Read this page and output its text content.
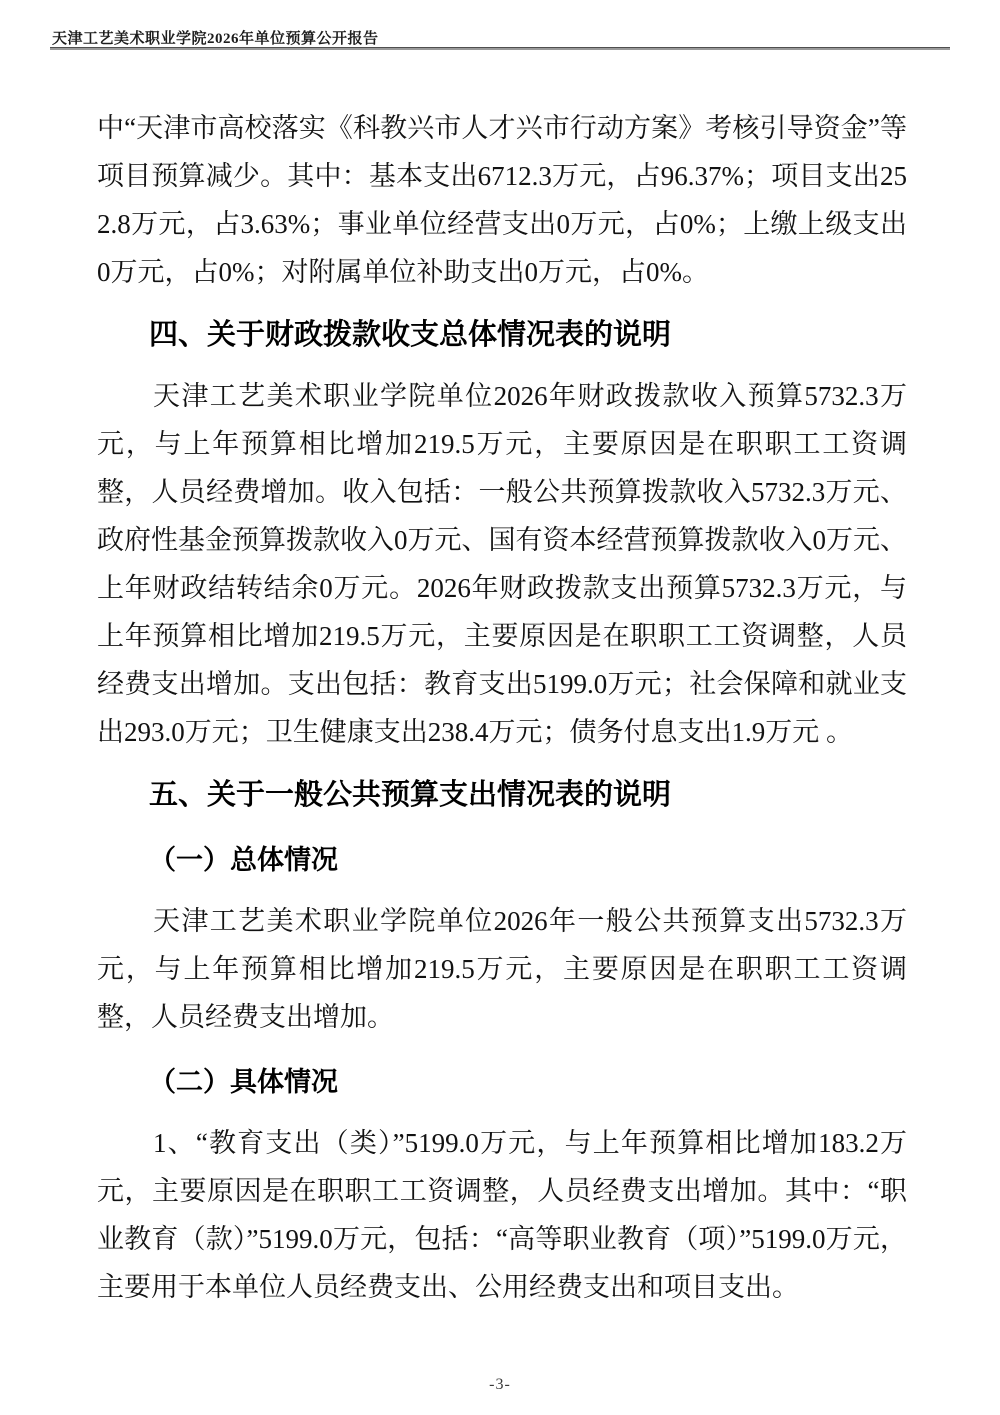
天津工艺美术职业学院2026年单位预算公开报告

中“天津市高校落实《科教兴市人才兴市行动方案》考核引导资金”等项目预算减少。其中：基本支出6712.3万元，占96.37%；项目支出252.8万元，占3.63%；事业单位经营支出0万元，占0%；上缴上级支出0万元，占0%；对附属单位补助支出0万元，占0%。

四、关于财政拨款收支总体情况表的说明

天津工艺美术职业学院单位2026年财政拨款收入预算5732.3万元，与上年预算相比增加219.5万元，主要原因是在职职工工资调整，人员经费增加。收入包括：一般公共预算拨款收入5732.3万元、政府性基金预算拨款收入0万元、国有资本经营预算拨款收入0万元、上年财政结转结余0万元。2026年财政拨款支出预算5732.3万元，与上年预算相比增加219.5万元，主要原因是在职职工工资调整，人员经费支出增加。支出包括：教育支出5199.0万元；社会保障和就业支出293.0万元；卫生健康支出238.4万元；债务付息支出1.9万元 。

五、关于一般公共预算支出情况表的说明
（一）总体情况

天津工艺美术职业学院单位2026年一般公共预算支出5732.3万元，与上年预算相比增加219.5万元，主要原因是在职职工工资调整，人员经费支出增加。

（二）具体情况

1、“教育支出（类）”5199.0万元，与上年预算相比增加183.2万元，主要原因是在职职工工资调整，人员经费支出增加。其中：“职业教育（款）”5199.0万元，包括：“高等职业教育（项）”5199.0万元，主要用于本单位人员经费支出、公用经费支出和项目支出。

-3-
